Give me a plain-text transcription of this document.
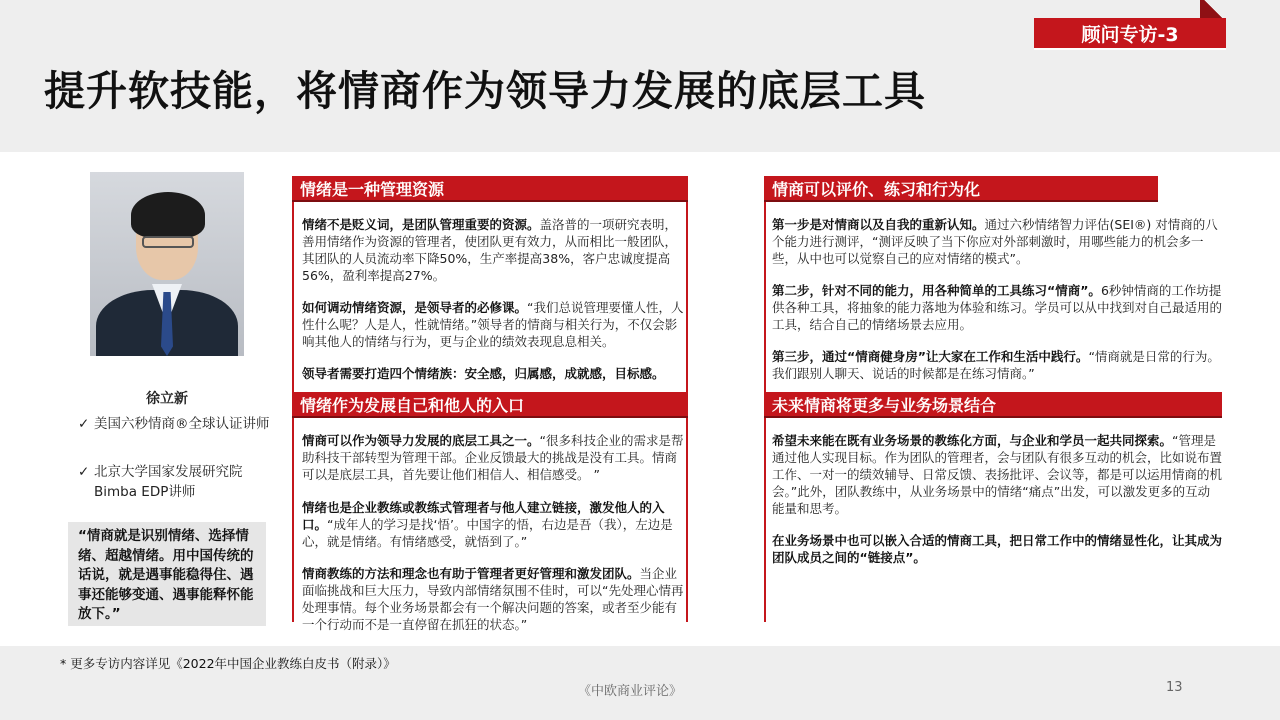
顾问专访-3
提升软技能，将情商作为领导力发展的底层工具
徐立新
✓ 美国六秒情商®全球认证讲师
✓ 北京大学国家发展研究院Bimba EDP讲师
“情商就是识别情绪、选择情绪、超越情绪。用中国传统的话说，就是遇事能稳得住、遇事还能够变通、遇事能释怀能放下。”
情绪是一种管理资源
情绪不是贬义词，是团队管理重要的资源。盖洛普的一项研究表明，善用情绪作为资源的管理者，使团队更有效力，从而相比一般团队，其团队的人员流动率下降50%，生产率提高38%，客户忠诚度提高56%，盈利率提高27%。
如何调动情绪资源，是领导者的必修课。“我们总说管理要懂人性，人性什么呢？人是人，性就情绪。”领导者的情商与相关行为，不仅会影响其他人的情绪与行为，更与企业的绩效表现息息相关。
领导者需要打造四个情绪族：安全感，归属感，成就感，目标感。
情绪作为发展自己和他人的入口
情商可以作为领导力发展的底层工具之一。“很多科技企业的需求是帮助科技干部转型为管理干部。企业反馈最大的挑战是没有工具。情商可以是底层工具，首先要让他们相信人、相信感受。 ”
情绪也是企业教练或教练式管理者与他人建立链接，激发他人的入口。“成年人的学习是找‘悟’。中国字的悟，右边是吾（我），左边是心，就是情绪。有情绪感受，就悟到了。”
情商教练的方法和理念也有助于管理者更好管理和激发团队。当企业面临挑战和巨大压力，导致内部情绪氛围不佳时，可以“先处理心情再处理事情。每个业务场景都会有一个解决问题的答案，或者至少能有一个行动而不是一直停留在抓狂的状态。”
情商可以评价、练习和行为化
第一步是对情商以及自我的重新认知。通过六秒情绪智力评估(SEI®) 对情商的八个能力进行测评，“测评反映了当下你应对外部刺激时，用哪些能力的机会多一些，从中也可以觉察自己的应对情绪的模式”。
第二步，针对不同的能力，用各种简单的工具练习“情商”。6秒钟情商的工作坊提供各种工具，将抽象的能力落地为体验和练习。学员可以从中找到对自己最适用的工具，结合自己的情绪场景去应用。
第三步，通过“情商健身房”让大家在工作和生活中践行。“情商就是日常的行为。我们跟别人聊天、说话的时候都是在练习情商。”
未来情商将更多与业务场景结合
希望未来能在既有业务场景的教练化方面，与企业和学员一起共同探索。“管理是通过他人实现目标。作为团队的管理者，会与团队有很多互动的机会，比如说布置工作、一对一的绩效辅导、日常反馈、表扬批评、会议等，都是可以运用情商的机会。”此外，团队教练中，从业务场景中的情绪“痛点”出发，可以激发更多的互动能量和思考。
在业务场景中也可以嵌入合适的情商工具，把日常工作中的情绪显性化，让其成为团队成员之间的“链接点”。
* 更多专访内容详见《2022年中国企业教练白皮书（附录）》
《中欧商业评论》	13
